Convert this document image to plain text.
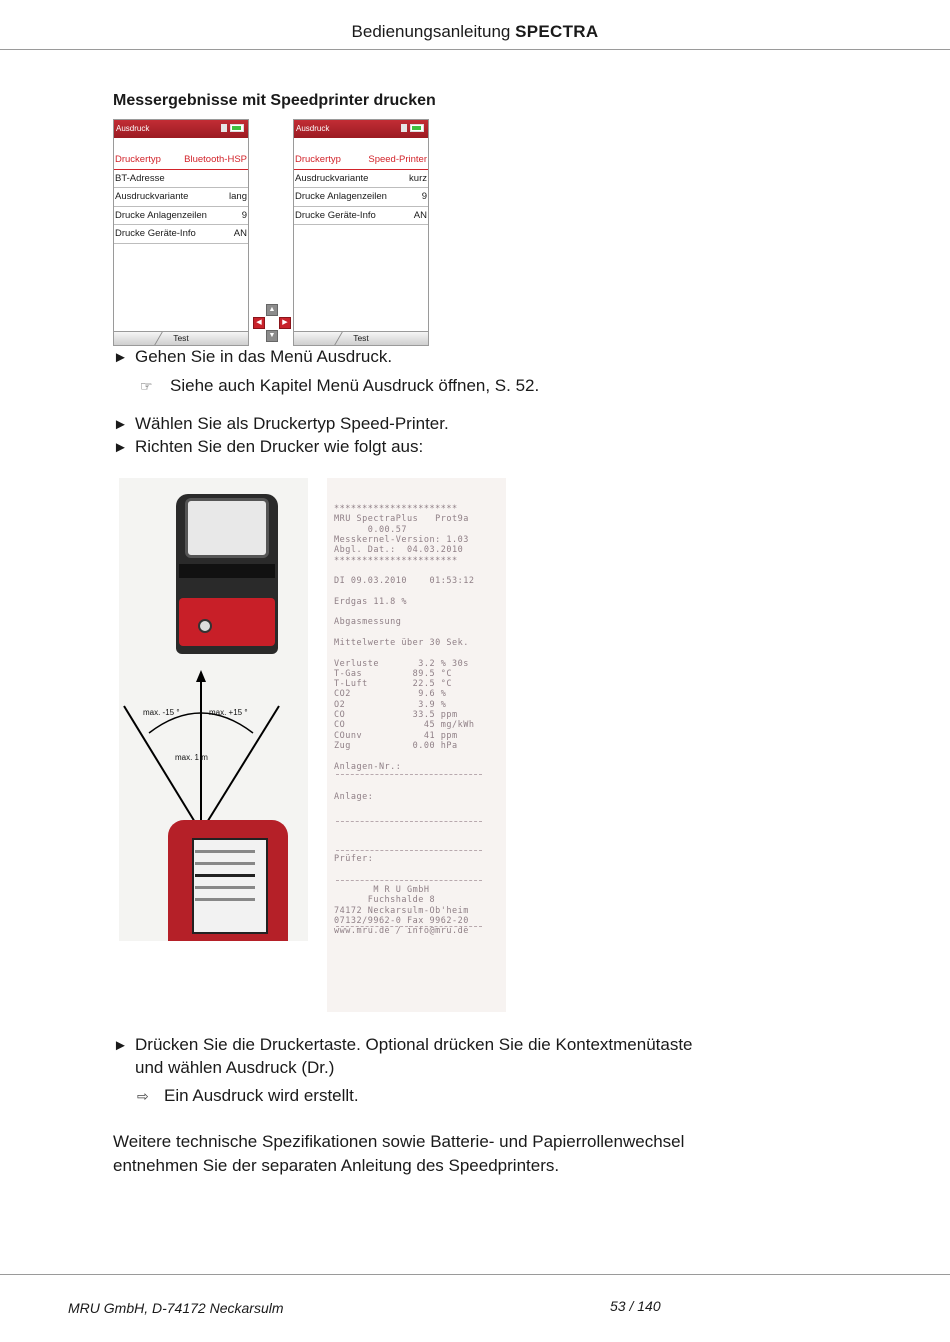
Bedienungsanleitung SPECTRA
Messergebnisse mit Speedprinter drucken
Ausdruck
Druckertyp Bluetooth-HSP
BT-Adresse
Ausdruckvariante	lang
Drucke Anlagenzeilen	9
Drucke Geräte-Info	AN
Test
Ausdruck
Druckertyp	Speed-Printer
Ausdruckvariante	kurz
Drucke Anlagenzeilen	9
Drucke Geräte-Info	AN
Test
▲
◀	▶
▼
► Gehen Sie in das Menü Ausdruck.
☞ Siehe auch Kapitel Menü Ausdruck öffnen, S. 52.
► Wählen Sie als Druckertyp Speed-Printer.
► Richten Sie den Drucker wie folgt aus:
max. -15 °	max. +15 °
max. 1 m
**********************
MRU SpectraPlus   Prot9a
0.00.57
Messkernel-Version: 1.03
Abgl. Dat.:  04.03.2010
**********************
DI 09.03.2010    01:53:12
Erdgas 11.8 %
Abgasmessung
Mittelwerte über 30 Sek.
Verluste       3.2 % 30s
T-Gas         89.5 °C
T-Luft        22.5 °C
CO2            9.6 %
O2             3.9 %
CO            33.5 ppm
CO              45 mg/kWh
COunv           41 ppm
Zug           0.00 hPa
Anlagen-Nr.:
Anlage:
Prüfer:
M R U GmbH
Fuchshalde 8
74172 Neckarsulm-Ob'heim
07132/9962-0 Fax 9962-20
www.mru.de / info@mru.de
► Drücken Sie die Druckertaste. Optional drücken Sie die Kontextmenütaste
und wählen Ausdruck (Dr.)
⇨ Ein Ausdruck wird erstellt.
Weitere technische Spezifikationen sowie Batterie- und Papierrollenwechsel
entnehmen Sie der separaten Anleitung des Speedprinters.
MRU GmbH, D-74172 Neckarsulm	53 / 140
